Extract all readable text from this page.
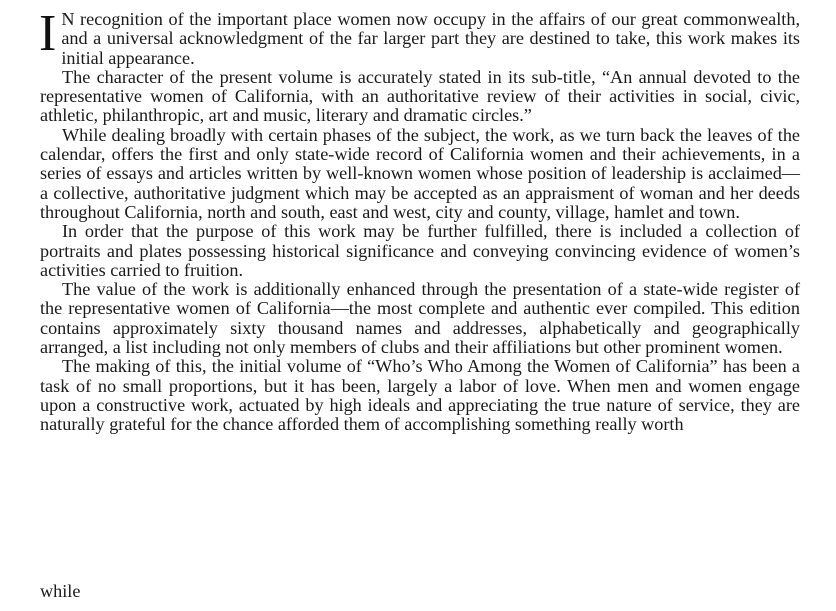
I N recognition of the important place women now occupy in the affairs of our great commonwealth, and a universal acknowledgment of the far larger part they are destined to take, this work makes its initial appearance.

The character of the present volume is accurately stated in its sub-title, “An annual devoted to the representative women of California, with an authoritative review of their activities in social, civic, athletic, philanthropic, art and music, literary and dramatic circles.”

While dealing broadly with certain phases of the subject, the work, as we turn back the leaves of the calendar, offers the first and only state-wide record of California women and their achievements, in a series of essays and articles written by well-known women whose position of leadership is acclaimed—a collective, authoritative judgment which may be accepted as an appraisment of woman and her deeds throughout California, north and south, east and west, city and county, village, hamlet and town.

In order that the purpose of this work may be further fulfilled, there is included a collection of portraits and plates possessing historical significance and conveying convincing evidence of women’s activities carried to fruition.

The value of the work is additionally enhanced through the presentation of a state-wide register of the representative women of California—the most complete and authentic ever compiled. This edition contains approximately sixty thousand names and addresses, alphabetically and geographically arranged, a list including not only members of clubs and their affiliations but other prominent women.

The making of this, the initial volume of “Who’s Who Among the Women of California” has been a task of no small proportions, but it has been, largely a labor of love. When men and women engage upon a constructive work, actuated by high ideals and appreciating the true nature of service, they are naturally grateful for the chance afforded them of accomplishing something really worth

while
